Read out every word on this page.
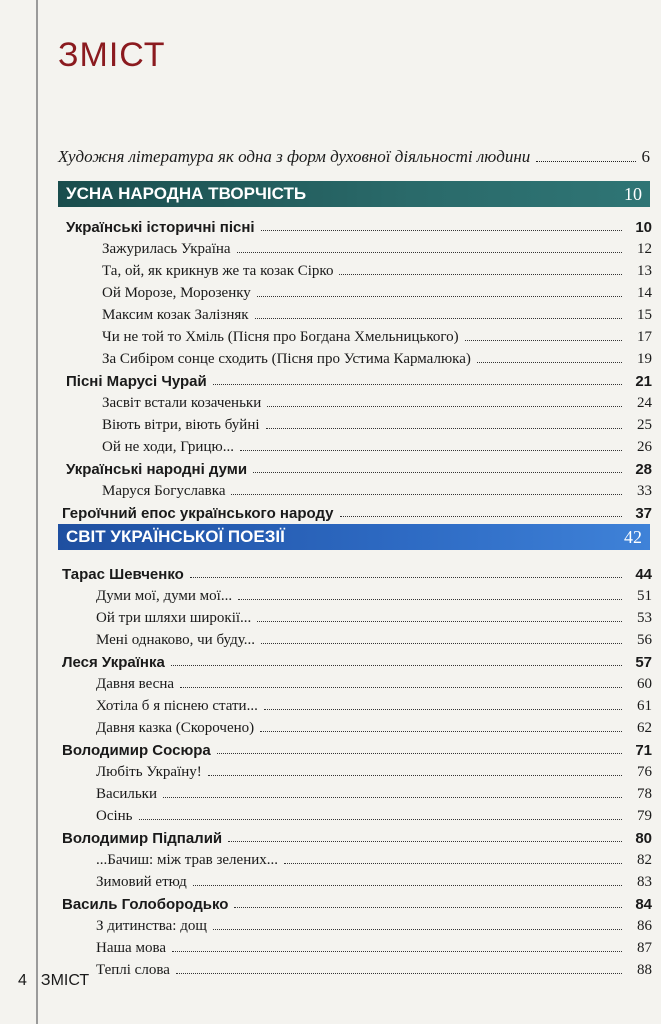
ЗМІСТ
Художня література як одна з форм духовної діяльності людини	6
УСНА НАРОДНА ТВОРЧІСТЬ	10
СВІТ УКРАЇНСЬКОЇ ПОЕЗІЇ	42
Українські історичні пісні	10
Зажурилась Україна	12
Та, ой, як крикнув же та козак Сірко	13
Ой Морозе, Морозенку	14
Максим козак Залізняк	15
Чи не той то Хміль (Пісня про Богдана Хмельницького)	17
За Сибіром сонце сходить (Пісня про Устима Кармалюка)	19
Пісні Марусі Чурай	21
Засвіт встали козаченьки	24
Віють вітри, віють буйні	25
Ой не ходи, Грицю...	26
Українські народні думи	28
Маруся Богуславка	33
Героїчний епос українського народу	37
Тарас Шевченко	44
Думи мої, думи мої...	51
Ой три шляхи широкії...	53
Мені однаково, чи буду...	56
Леся Українка	57
Давня весна	60
Хотіла б я піснею стати...	61
Давня казка (Скорочено)	62
Володимир Сосюра	71
Любіть Україну!	76
Васильки	78
Осінь	79
Володимир Підпалий	80
...Бачиш: між трав зелених...	82
Зимовий етюд	83
Василь Голобородько	84
З дитинства: дощ	86
Наша мова	87
Теплі слова	88
4 ЗМІСТ
